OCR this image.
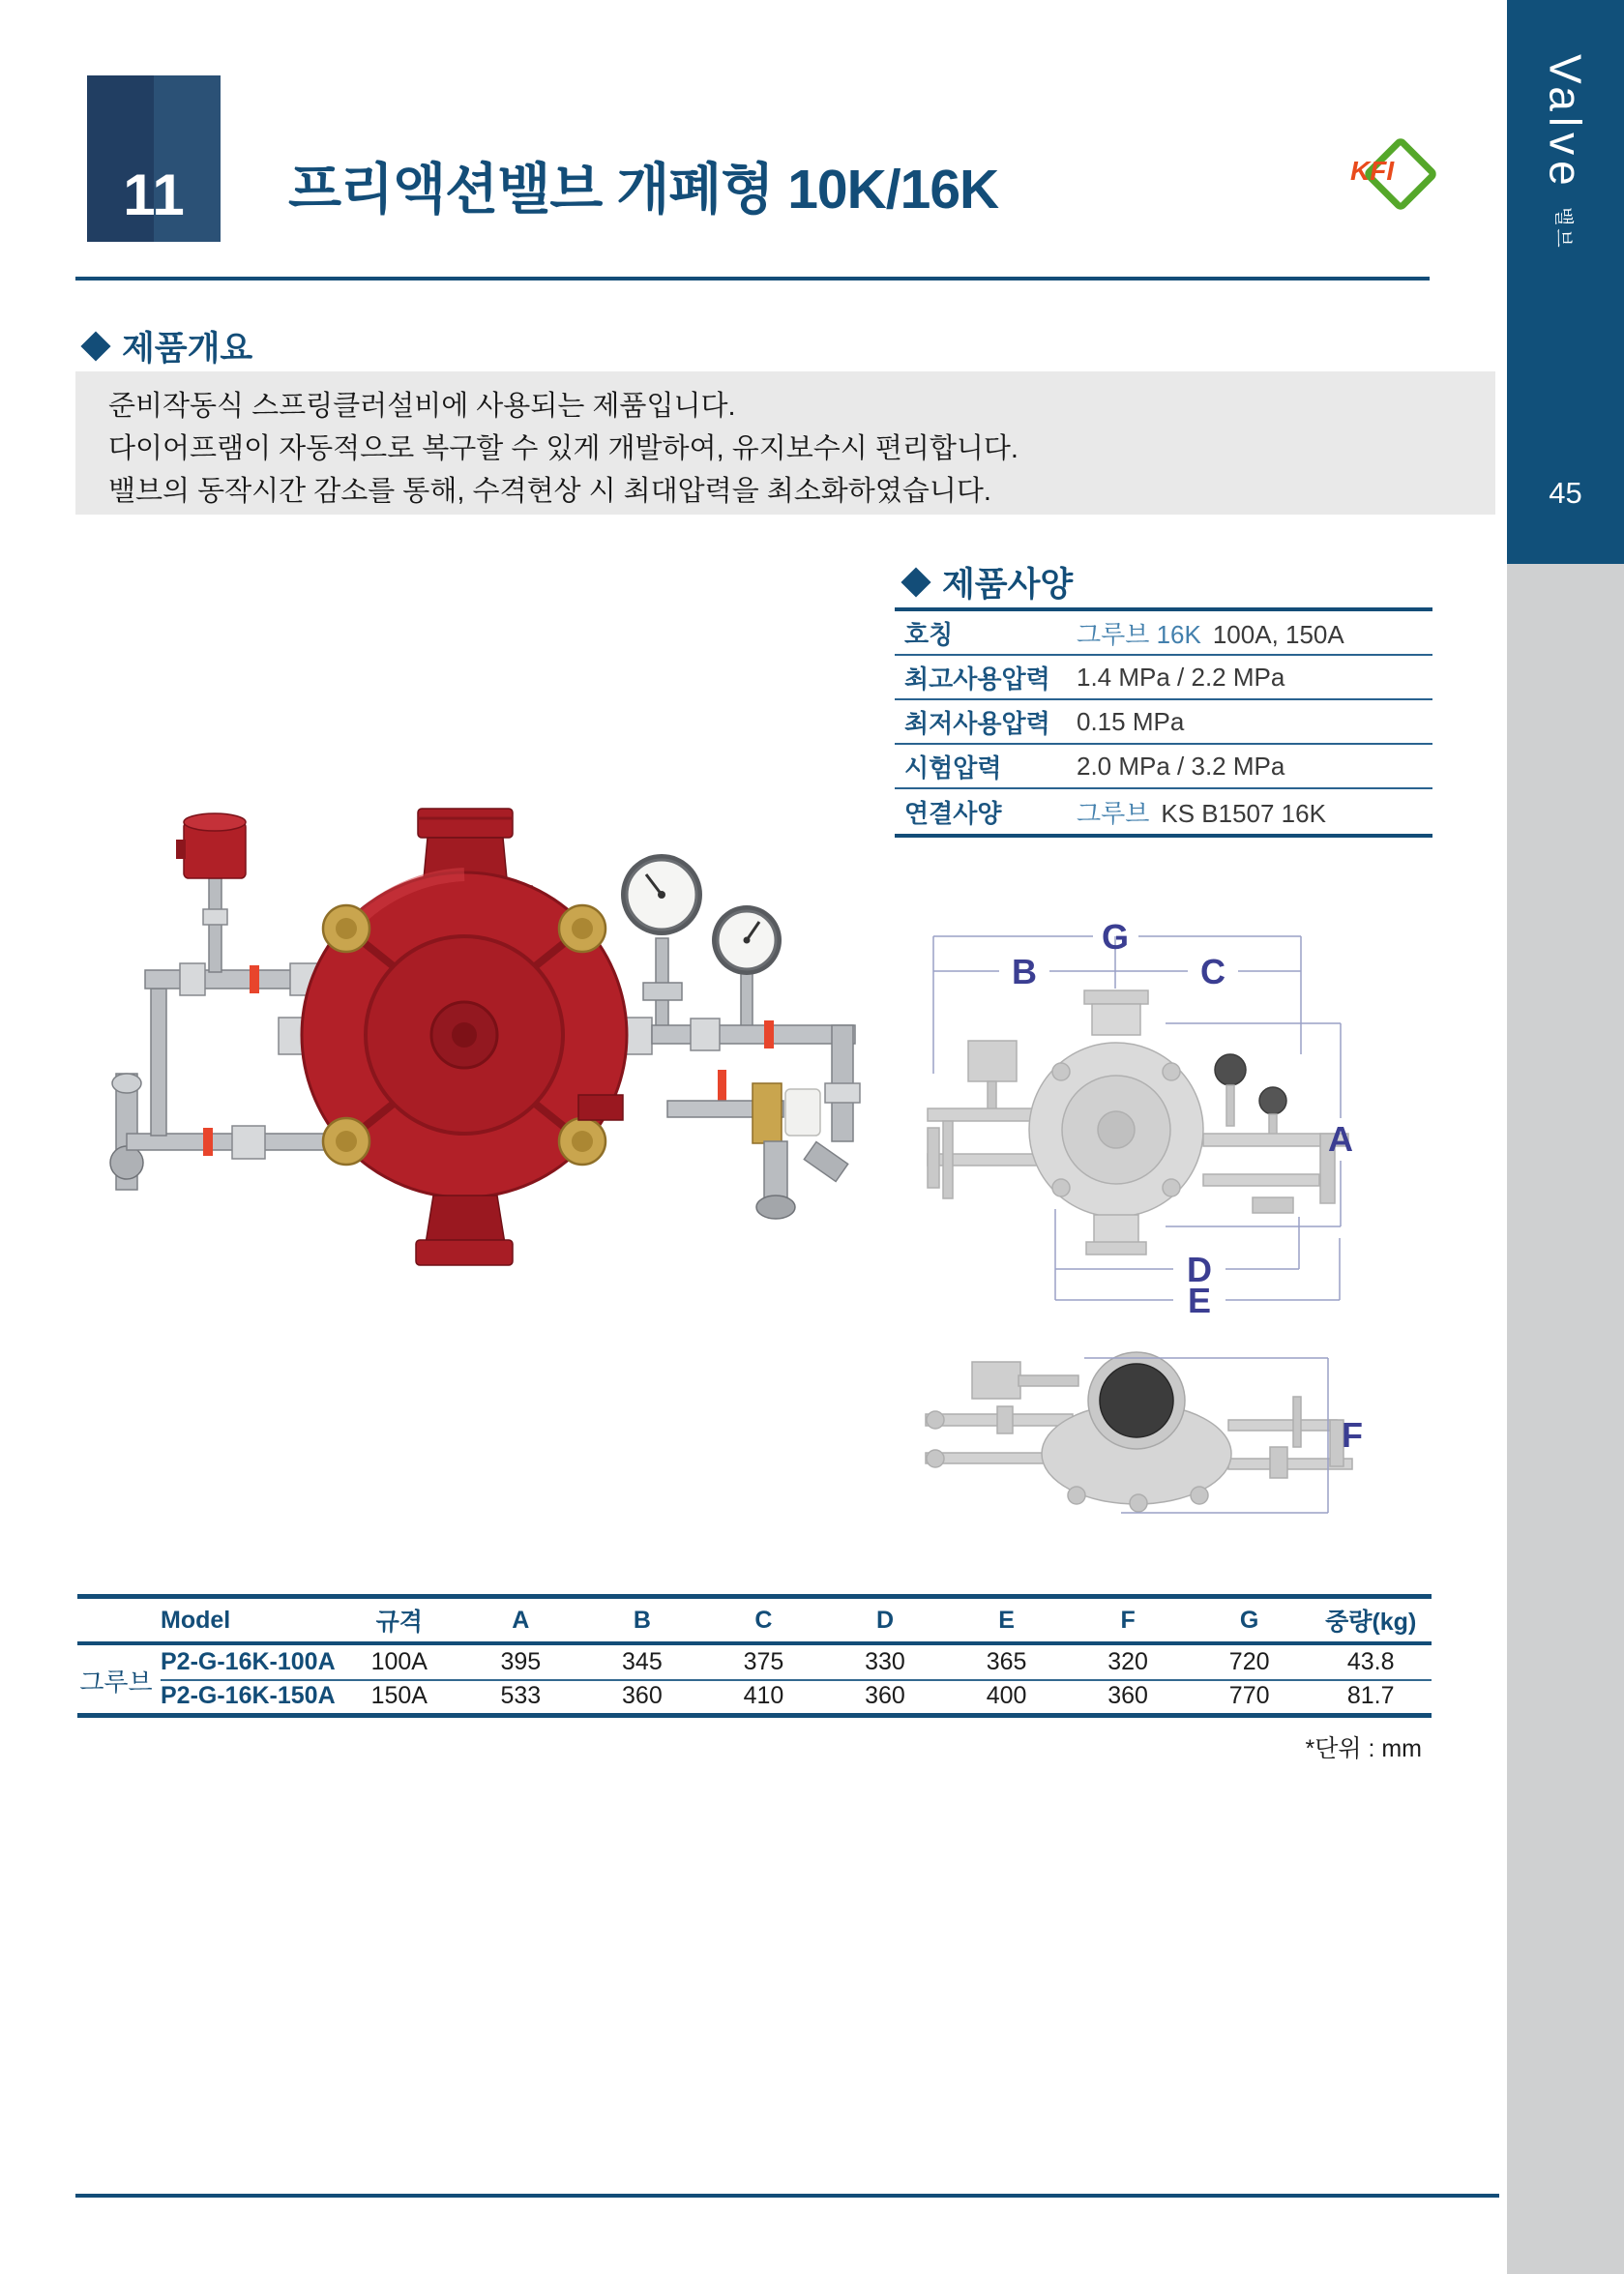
11 프리액션밸브 개폐형 10K/16K	KFI
제품개요
준비작동식 스프링클러설비에 사용되는 제품입니다.
다이어프램이 자동적으로 복구할 수 있게 개발하여, 유지보수시 편리합니다.
밸브의 동작시간 감소를 통해, 수격현상 시 최대압력을 최소화하였습니다.
제품사양
호칭	그루브 16K 100A, 150A
최고사용압력	1.4 MPa / 2.2 MPa
최저사용압력	0.15 MPa
시험압력	2.0 MPa / 3.2 MPa
연결사양	그루브 KS B1507 16K
G
B	C
A
D
E
F
Model	규격	A	B	C	D	E	F	G	중량(kg)
그루브
P2-G-16K-100A	100A	395	345	375	330	365	320	720	43.8
P2-G-16K-150A	150A	533	360	410	360	400	360	770	81.7
*단위 : mm
Valve
밸브
45
